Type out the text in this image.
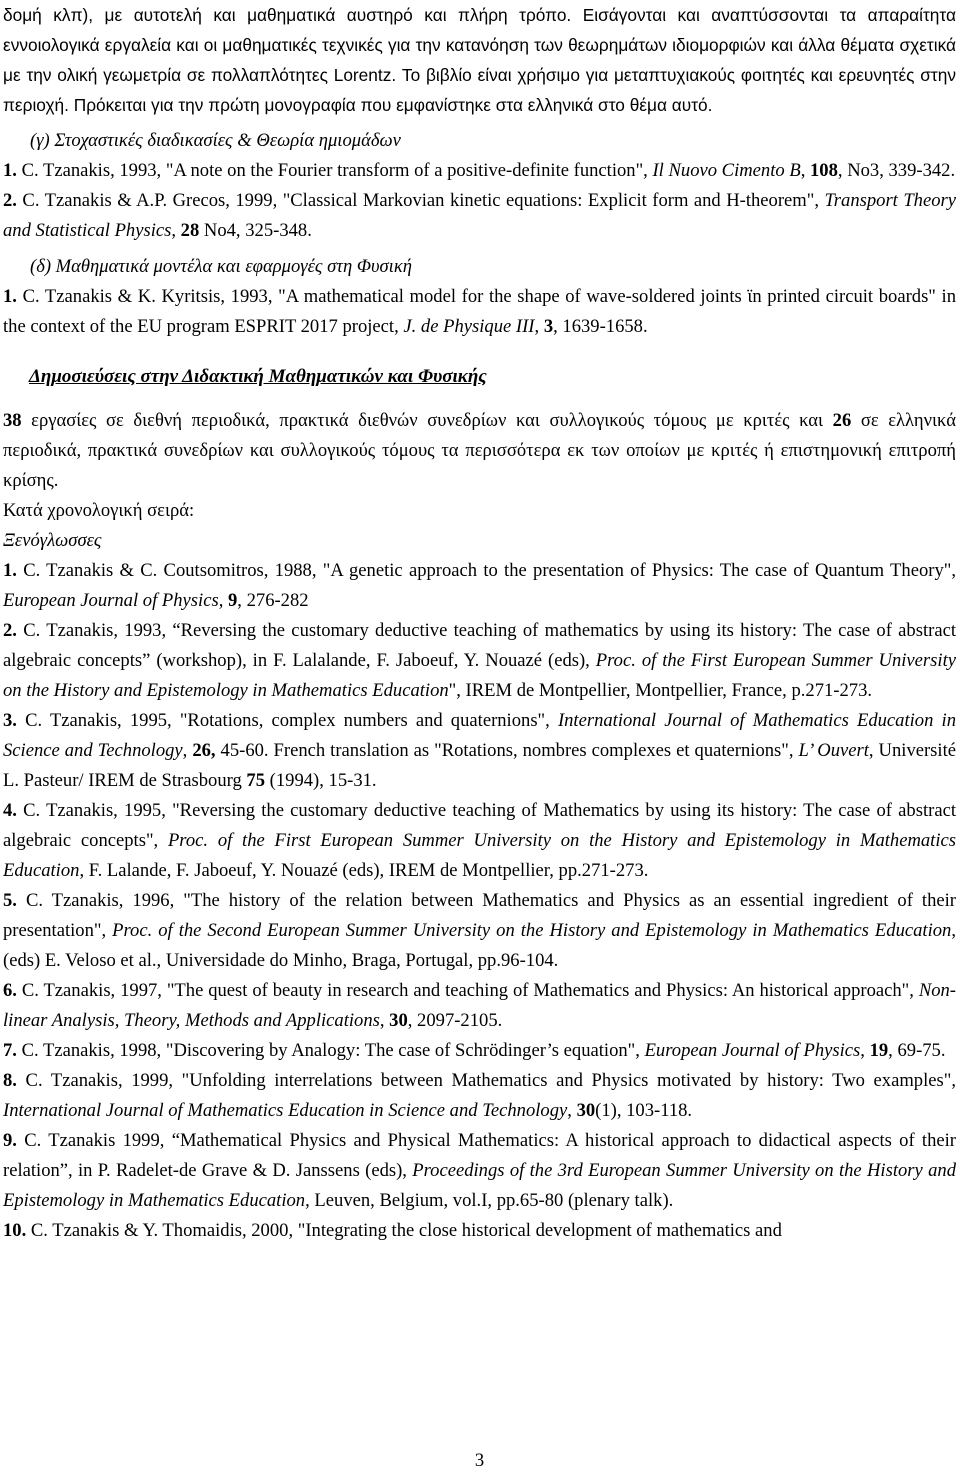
δομή κλπ), με αυτοτελή και μαθηματικά αυστηρό και πλήρη τρόπο. Εισάγονται και αναπτύσσονται τα απαραίτητα εννοιολογικά εργαλεία και οι μαθηματικές τεχνικές για την κατανόηση των θεωρημάτων ιδιομορφιών και άλλα θέματα σχετικά με την ολική γεωμετρία σε πολλαπλότητες Lorentz. Το βιβλίο είναι χρήσιμο για μεταπτυχιακούς φοιτητές και ερευνητές στην περιοχή. Πρόκειται για την πρώτη μονογραφία που εμφανίστηκε στα ελληνικά στο θέμα αυτό.

(γ) Στοχαστικές διαδικασίες & Θεωρία ημιομάδων

1. C. Tzanakis, 1993, "A note on the Fourier transform of a positive-definite function", Il Nuovo Cimento B, 108, No3, 339-342.

2. C. Tzanakis & A.P. Grecos, 1999, "Classical Markovian kinetic equations: Explicit form and H-theorem", Transport Theory and Statistical Physics, 28 No4, 325-348.

(δ) Μαθηματικά μοντέλα και εφαρμογές στη Φυσική

1. C. Tzanakis & K. Kyritsis, 1993, "A mathematical model for the shape of wave-soldered joints ϊn printed circuit boards" in the context of the EU program ESPRIT 2017 project, J. de Physique III, 3, 1639-1658.

Δημοσιεύσεις στην Διδακτική Μαθηματικών και Φυσικής

38 εργασίες σε διεθνή περιοδικά, πρακτικά διεθνών συνεδρίων και συλλογικούς τόμους με κριτές και 26 σε ελληνικά περιοδικά, πρακτικά συνεδρίων και συλλογικούς τόμους τα περισσότερα εκ των οποίων με κριτές ή επιστημονική επιτροπή κρίσης.

Κατά χρονολογική σειρά:

Ξενόγλωσσες

1. C. Tzanakis & C. Coutsomitros, 1988, "A genetic approach to the presentation of Physics: The case of Quantum Theory", European Journal of Physics, 9, 276-282

2. C. Tzanakis, 1993, “Reversing the customary deductive teaching of mathematics by using its history: The case of abstract algebraic concepts” (workshop), in F. Lalalande, F. Jaboeuf, Y. Nouazé (eds), Proc. of the First European Summer University on the History and Epistemology in Mathematics Education", IREM de Montpellier, Montpellier, France, p.271-273.

3. C. Tzanakis, 1995, "Rotations, complex numbers and quaternions", International Journal of Mathematics Education in Science and Technology, 26, 45-60. French translation as "Rotations, nombres complexes et quaternions", L’ Ouvert, Université L. Pasteur/ IREM de Strasbourg 75 (1994), 15-31.

4. C. Tzanakis, 1995, "Reversing the customary deductive teaching of Mathematics by using its history: The case of abstract algebraic concepts", Proc. of the First European Summer University on the History and Epistemology in Mathematics Education, F. Lalande, F. Jaboeuf, Y. Nouazé (eds), IREM de Montpellier, pp.271-273.

5. C. Tzanakis, 1996, "The history of the relation between Mathematics and Physics as an essential ingredient of their presentation", Proc. of the Second European Summer University on the History and Epistemology in Mathematics Education, (eds) E. Veloso et al., Universidade do Minho, Braga, Portugal, pp.96-104.

6. C. Tzanakis, 1997, "The quest of beauty in research and teaching of Mathematics and Physics: An historical approach", Non-linear Analysis, Theory, Methods and Applications, 30, 2097-2105.

7. C. Tzanakis, 1998, "Discovering by Analogy: The case of Schrödinger’s equation", European Journal of Physics, 19, 69-75.

8. C. Tzanakis, 1999, "Unfolding interrelations between Mathematics and Physics motivated by history: Two examples", International Journal of Mathematics Education in Science and Technology, 30(1), 103-118.

9. C. Tzanakis 1999, “Mathematical Physics and Physical Mathematics: A historical approach to didactical aspects of their relation”, in P. Radelet-de Grave & D. Janssens (eds), Proceedings of the 3rd European Summer University on the History and Epistemology in Mathematics Education, Leuven, Belgium, vol.I, pp.65-80 (plenary talk).

10. C. Tzanakis & Y. Thomaidis, 2000, "Integrating the close historical development of mathematics and

3
